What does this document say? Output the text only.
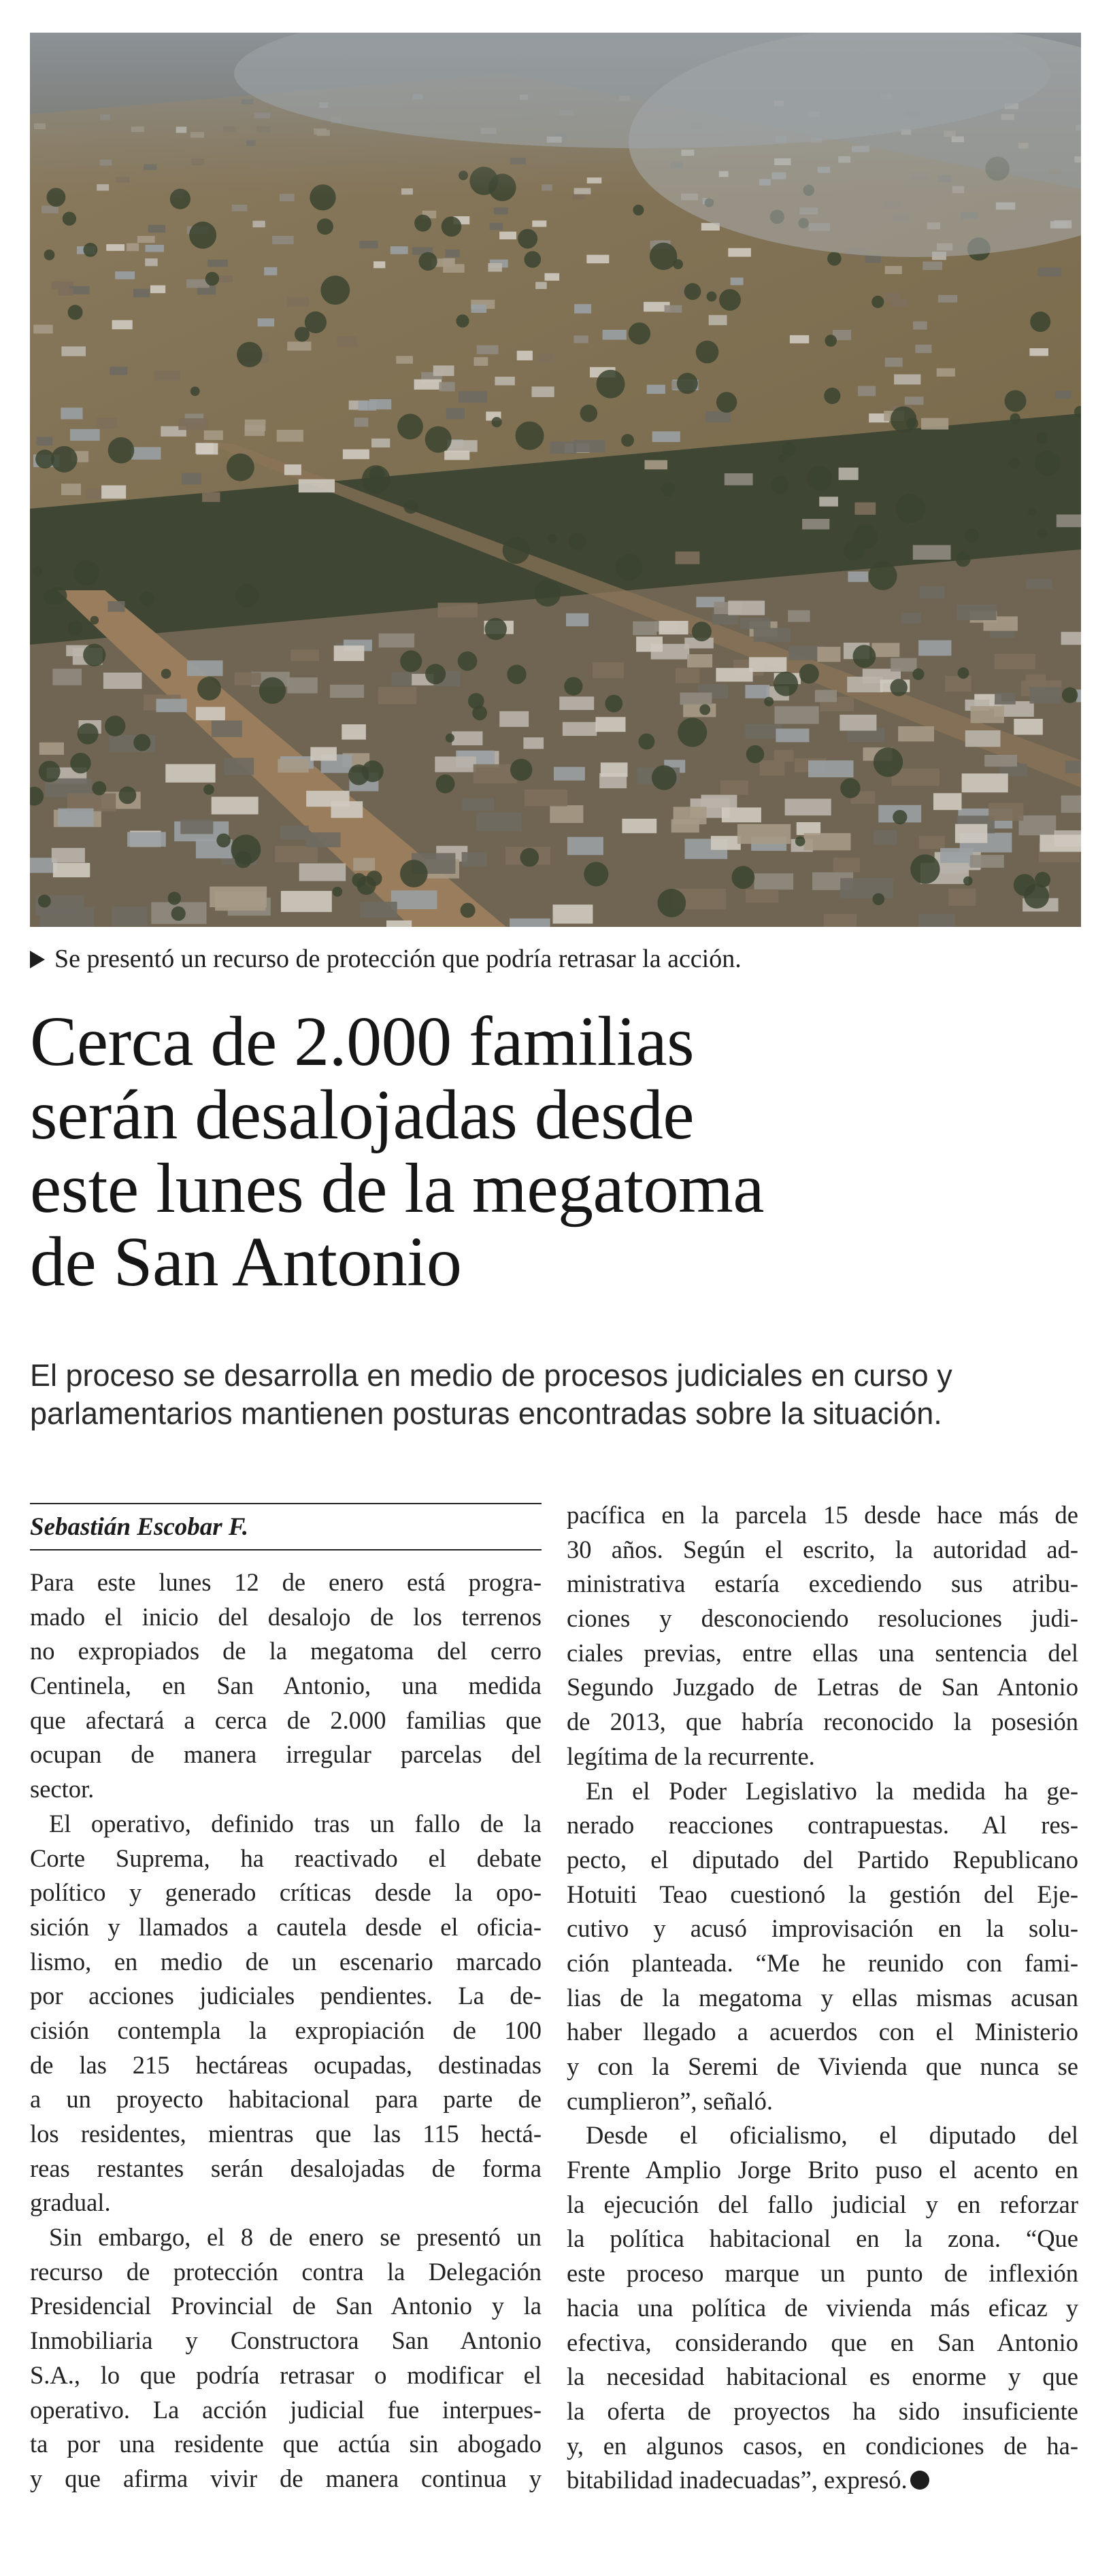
Se presentó un recurso de protección que podría retrasar la acción.
Cerca de 2.000 familias
serán desalojadas desde
este lunes de la megatoma
de San Antonio

El proceso se desarrolla en medio de procesos judiciales en curso y
parlamentarios mantienen posturas encontradas sobre la situación.

Sebastián Escobar F.
Para este lunes 12 de enero está progra-
mado el inicio del desalojo de los terrenos
no expropiados de la megatoma del cerro
Centinela, en San Antonio, una medida
que afectará a cerca de 2.000 familias que
ocupan de manera irregular parcelas del
sector.
El operativo, definido tras un fallo de la
Corte Suprema, ha reactivado el debate
político y generado críticas desde la opo-
sición y llamados a cautela desde el oficia-
lismo, en medio de un escenario marcado
por acciones judiciales pendientes. La de-
cisión contempla la expropiación de 100
de las 215 hectáreas ocupadas, destinadas
a un proyecto habitacional para parte de
los residentes, mientras que las 115 hectá-
reas restantes serán desalojadas de forma
gradual.
Sin embargo, el 8 de enero se presentó un
recurso de protección contra la Delegación
Presidencial Provincial de San Antonio y la
Inmobiliaria y Constructora San Antonio
S.A., lo que podría retrasar o modificar el
operativo. La acción judicial fue interpues-
ta por una residente que actúa sin abogado
y que afirma vivir de manera continua y
pacífica en la parcela 15 desde hace más de
30 años. Según el escrito, la autoridad ad-
ministrativa estaría excediendo sus atribu-
ciones y desconociendo resoluciones judi-
ciales previas, entre ellas una sentencia del
Segundo Juzgado de Letras de San Antonio
de 2013, que habría reconocido la posesión
legítima de la recurrente.
En el Poder Legislativo la medida ha ge-
nerado reacciones contrapuestas. Al res-
pecto, el diputado del Partido Republicano
Hotuiti Teao cuestionó la gestión del Eje-
cutivo y acusó improvisación en la solu-
ción planteada. “Me he reunido con fami-
lias de la megatoma y ellas mismas acusan
haber llegado a acuerdos con el Ministerio
y con la Seremi de Vivienda que nunca se
cumplieron”, señaló.
Desde el oficialismo, el diputado del
Frente Amplio Jorge Brito puso el acento en
la ejecución del fallo judicial y en reforzar
la política habitacional en la zona. “Que
este proceso marque un punto de inflexión
hacia una política de vivienda más eficaz y
efectiva, considerando que en San Antonio
la necesidad habitacional es enorme y que
la oferta de proyectos ha sido insuficiente
y, en algunos casos, en condiciones de ha-
bitabilidad inadecuadas”, expresó.
